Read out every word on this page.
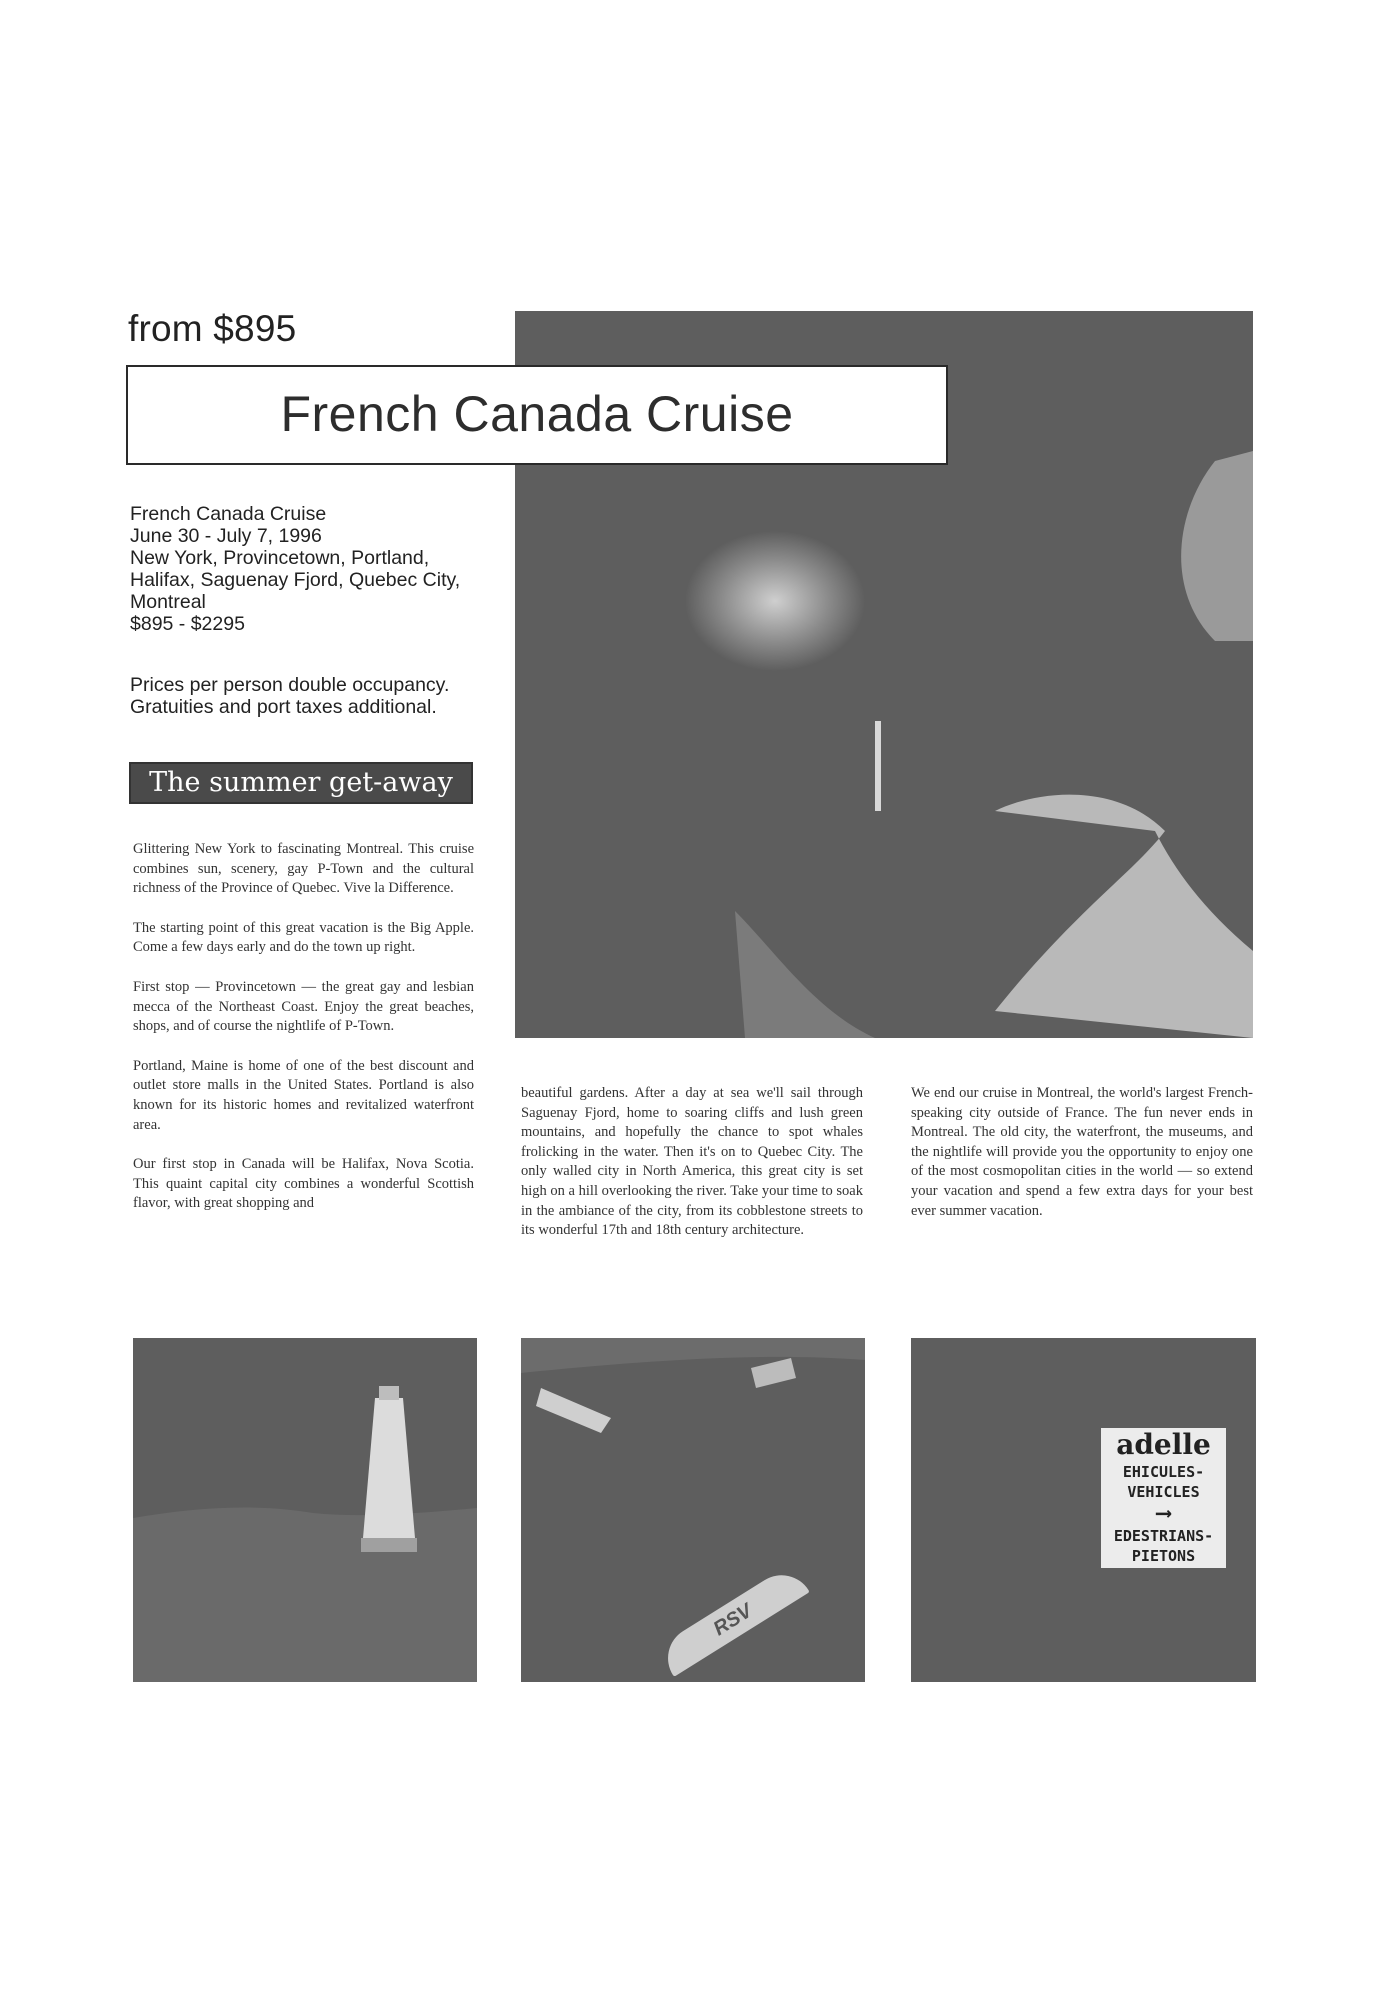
from $895
French Canada Cruise

French Canada Cruise

June 30 - July 7, 1996

New York, Provincetown, Portland,

Halifax, Saguenay Fjord, Quebec City,

Montreal

$895 - $2295

Prices per person double occupancy.

Gratuities and port taxes additional.

The summer get-away

Glittering New York to fascinating Montreal. This cruise combines sun, scenery, gay P-Town and the cultural richness of the Province of Quebec. Vive la Difference.

The starting point of this great vacation is the Big Apple. Come a few days early and do the town up right.

First stop — Provincetown — the great gay and lesbian mecca of the Northeast Coast. Enjoy the great beaches, shops, and of course the nightlife of P-Town.

Portland, Maine is home of one of the best discount and outlet store malls in the United States. Portland is also known for its historic homes and revitalized waterfront area.

Our first stop in Canada will be Halifax, Nova Scotia. This quaint capital city combines a wonderful Scottish flavor, with great shopping and

beautiful gardens. After a day at sea we'll sail through Saguenay Fjord, home to soaring cliffs and lush green mountains, and hopefully the chance to spot whales frolicking in the water. Then it's on to Quebec City. The only walled city in North America, this great city is set high on a hill overlooking the river. Take your time to soak in the ambiance of the city, from its cobblestone streets to its wonderful 17th and 18th century architecture.

We end our cruise in Montreal, the world's largest French-speaking city outside of France. The fun never ends in Montreal. The old city, the waterfront, the museums, and the nightlife will provide you the opportunity to enjoy one of the most cosmopolitan cities in the world — so extend your vacation and spend a few extra days for your best ever summer vacation.

RSV
adelle
EHICULES-VEHICLES
⟶
EDESTRIANS-PIETONS
